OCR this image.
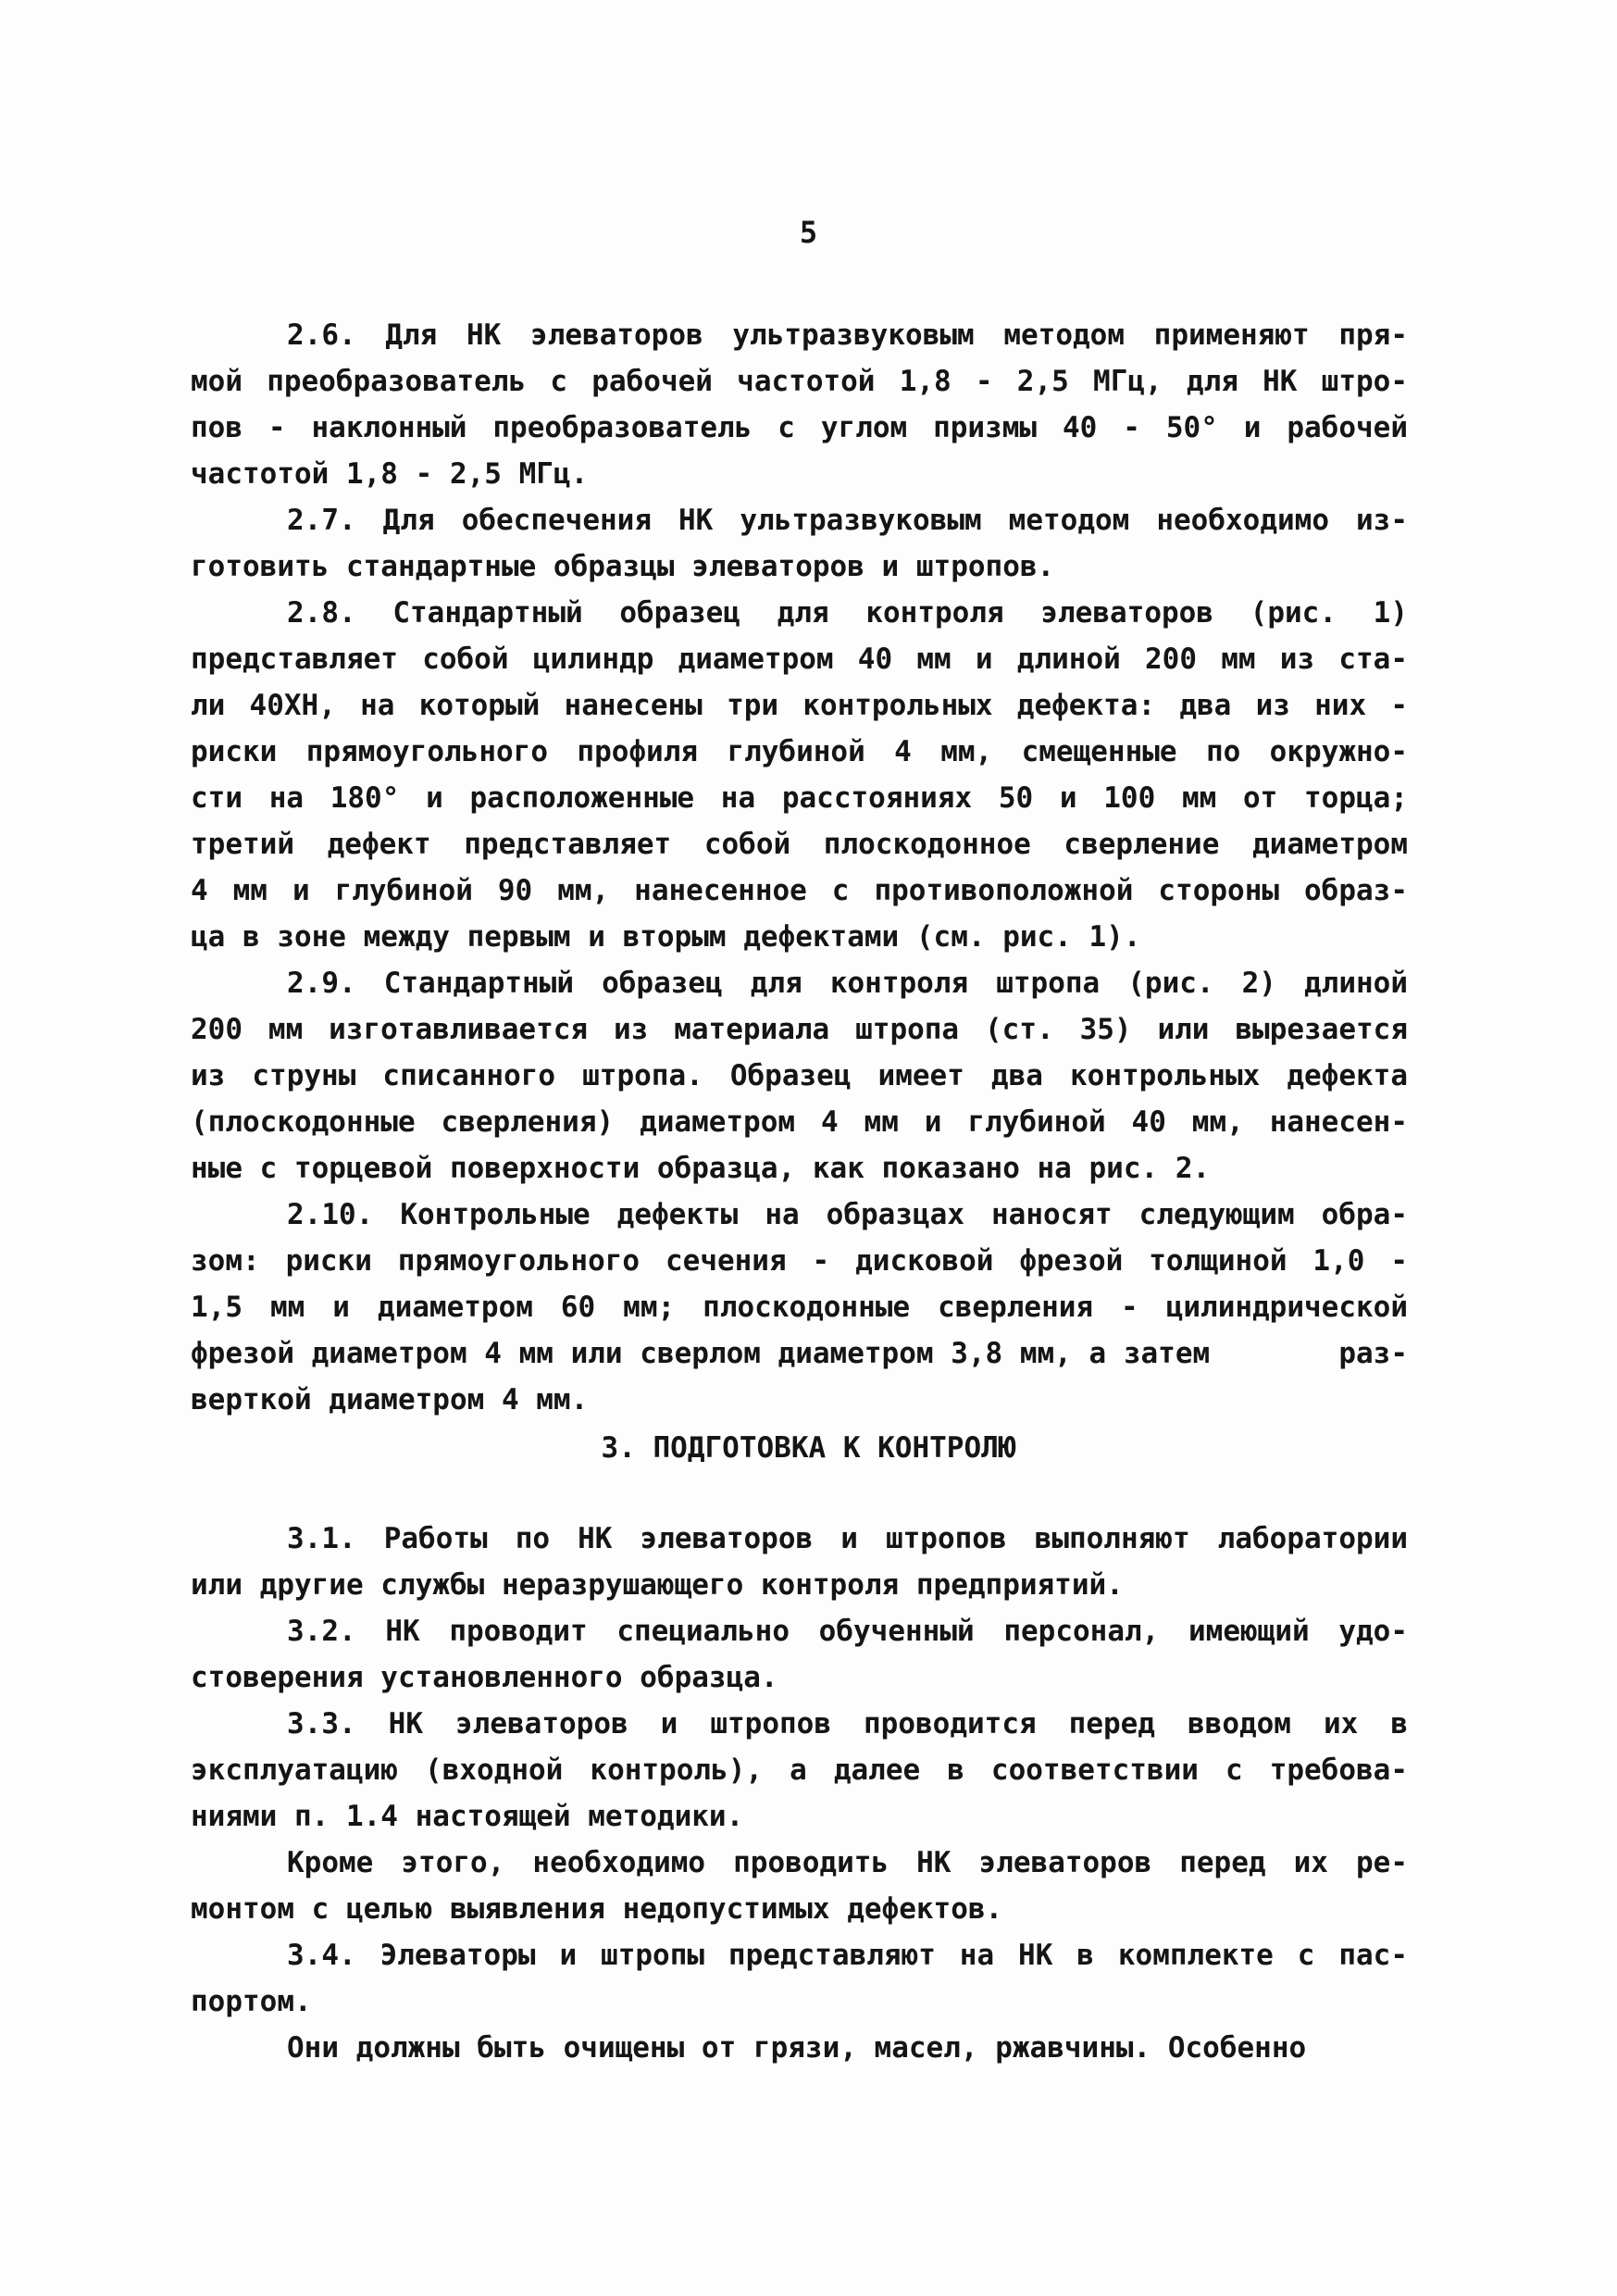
5

2.6. Для НК элеваторов ультразвуковым методом применяют пря-

мой преобразователь с рабочей частотой 1,8 - 2,5 МГц, для НК штро-

пов - наклонный преобразователь с углом призмы 40 - 50° и рабочей

частотой 1,8 - 2,5 МГц.

2.7. Для обеспечения НК ультразвуковым методом необходимо из-

готовить стандартные образцы элеваторов и штропов.

2.8. Стандартный образец для контроля элеваторов (рис. 1)

представляет собой цилиндр диаметром 40 мм и длиной 200 мм из ста-

ли 40ХН, на который нанесены три контрольных дефекта: два из них -

риски прямоугольного профиля глубиной 4 мм, смещенные по окружно-

сти на 180° и расположенные на расстояниях 50 и 100 мм от торца;

третий дефект представляет собой плоскодонное сверление диаметром

4 мм и глубиной 90 мм, нанесенное с противоположной стороны образ-

ца в зоне между первым и вторым дефектами (см. рис. 1).

2.9. Стандартный образец для контроля штропа (рис. 2) длиной

200 мм изготавливается из материала штропа (ст. 35) или вырезается

из струны списанного штропа. Образец имеет два контрольных дефекта

(плоскодонные сверления) диаметром 4 мм и глубиной 40 мм, нанесен-

ные с торцевой поверхности образца, как показано на рис. 2.

2.10. Контрольные дефекты на образцах наносят следующим обра-

зом: риски прямоугольного сечения - дисковой фрезой толщиной 1,0 -

1,5 мм и диаметром 60 мм; плоскодонные сверления - цилиндрической

фрезой диаметром 4 мм или сверлом диаметром 3,8 мм, а затем	раз-

верткой диаметром 4 мм.

3. ПОДГОТОВКА К КОНТРОЛЮ

3.1. Работы по НК элеваторов и штропов выполняют лаборатории

или другие службы неразрушающего контроля предприятий.

3.2. НК проводит специально обученный персонал, имеющий удо-

стоверения установленного образца.

3.3. НК элеваторов и штропов проводится перед вводом их в

эксплуатацию (входной контроль), а далее в соответствии с требова-

ниями п. 1.4 настоящей методики.

Кроме этого, необходимо проводить НК элеваторов перед их ре-

монтом с целью выявления недопустимых дефектов.

3.4. Элеваторы и штропы представляют на НК в комплекте с пас-

портом.

Они должны быть очищены от грязи, масел, ржавчины. Особенно
